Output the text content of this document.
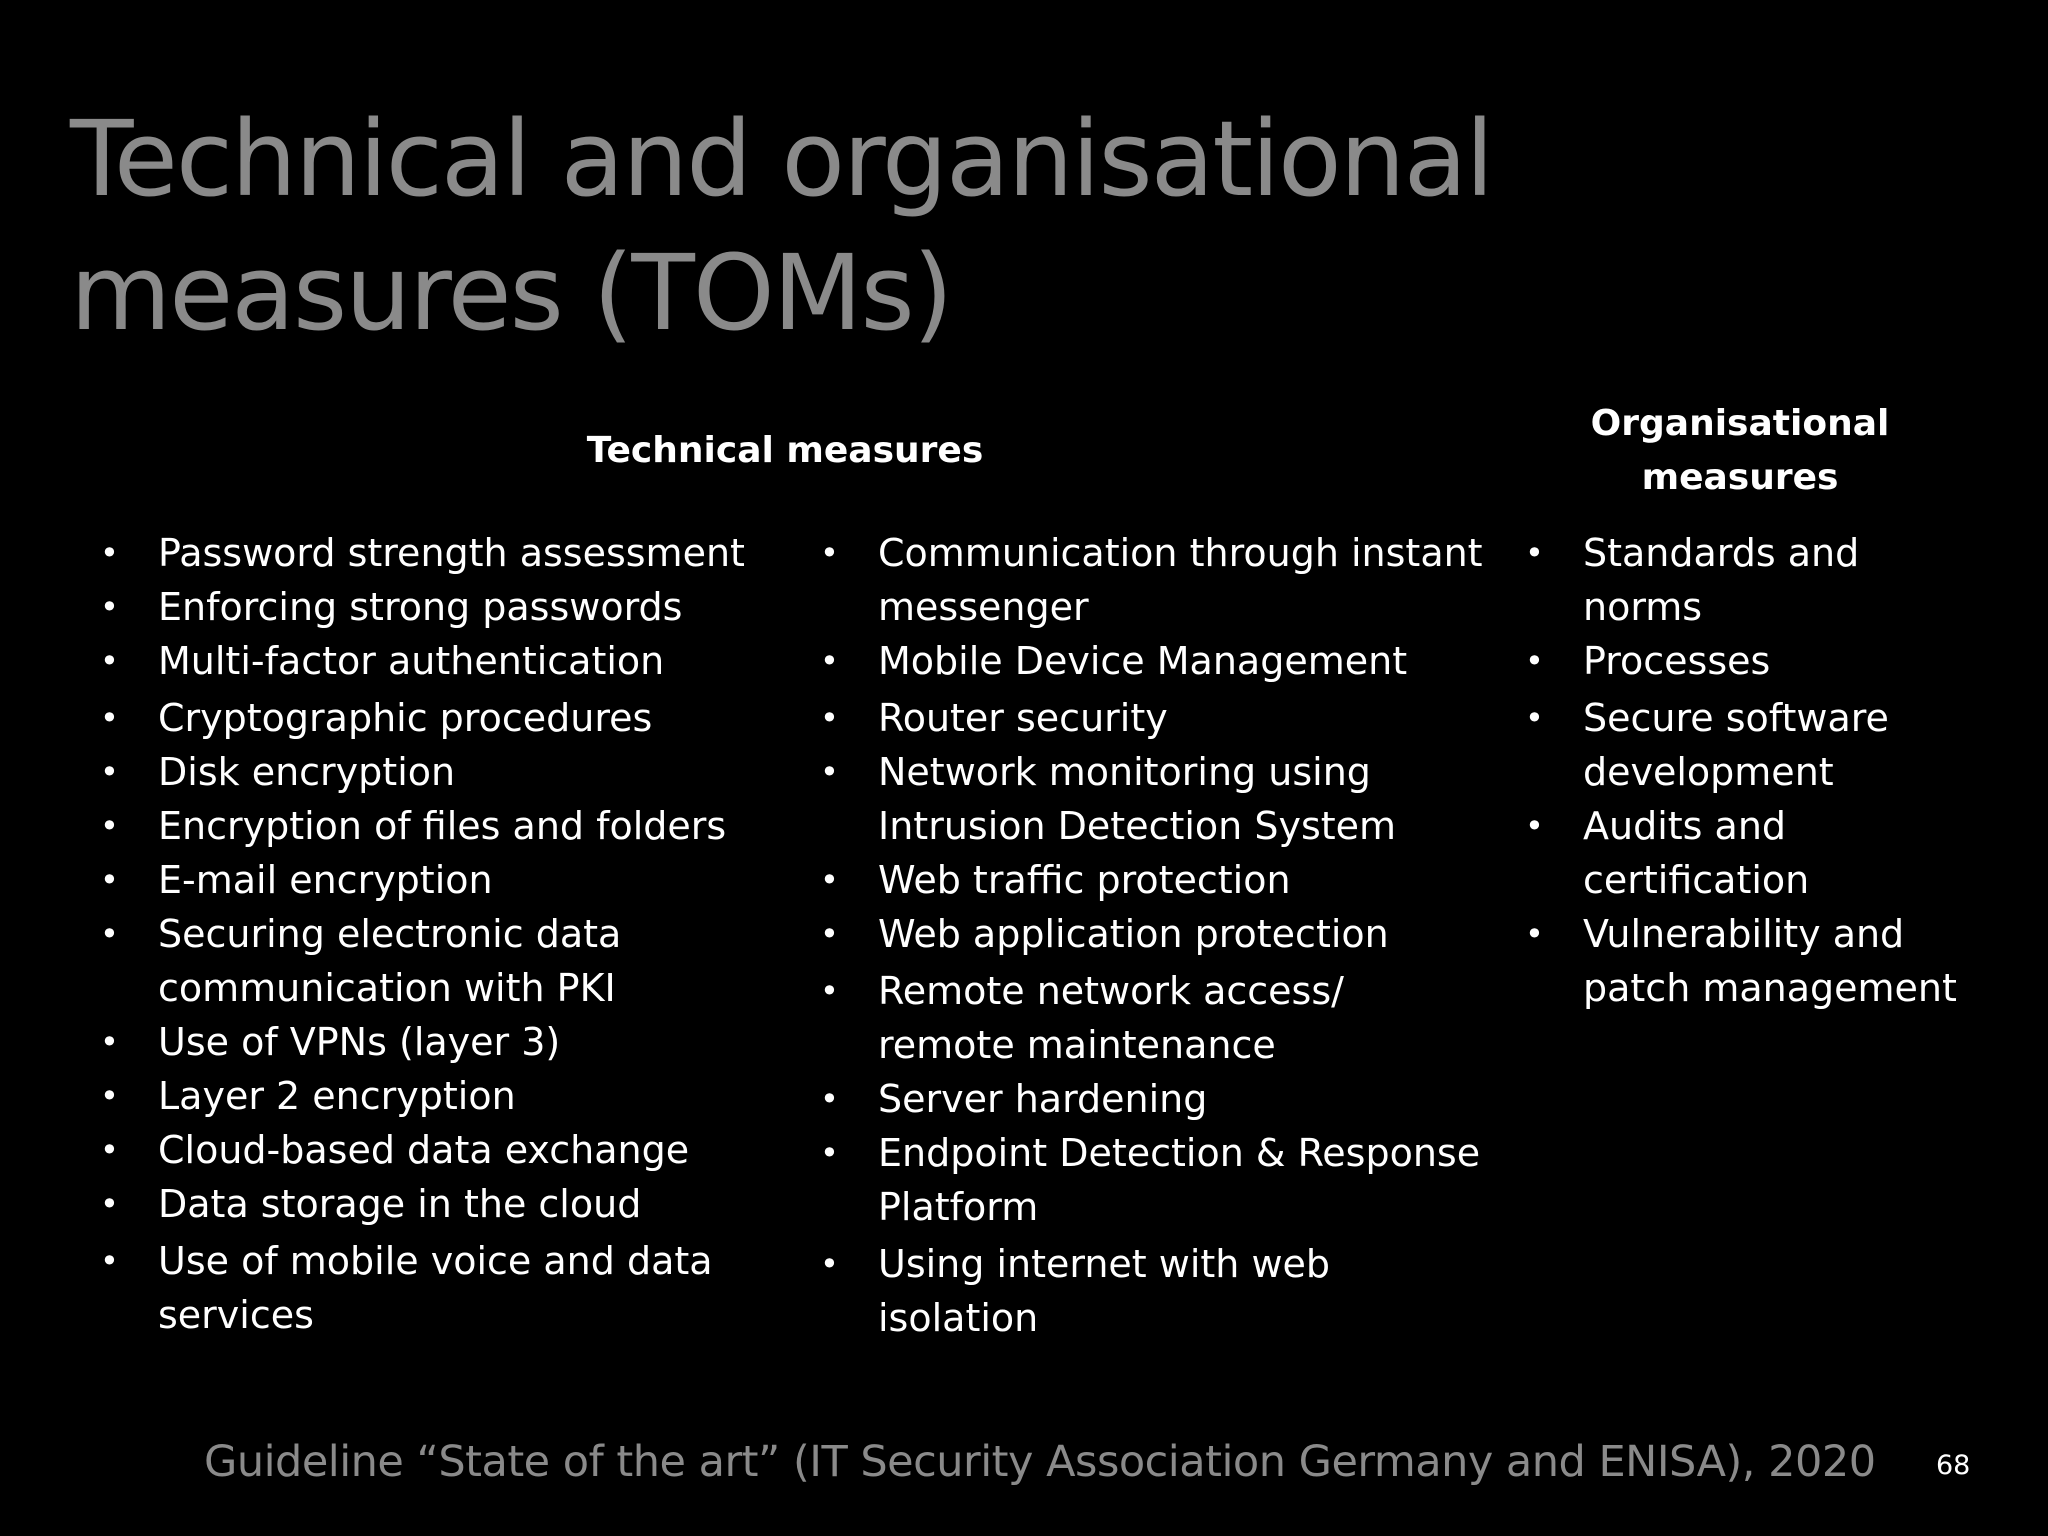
Technical and organisational
measures (TOMs)
Technical measures
Organisational measures
• Password strength assessment
• Enforcing strong passwords
• Multi-factor authentication
• Cryptographic procedures
• Disk encryption
• Encryption of files and folders
• E-mail encryption
• Securing electronic data communication with PKI
• Use of VPNs (layer 3)
• Layer 2 encryption
• Cloud-based data exchange
• Data storage in the cloud
• Use of mobile voice and data services
• Communication through instant messenger
• Mobile Device Management
• Router security
• Network monitoring using Intrusion Detection System
• Web traffic protection
• Web application protection
• Remote network access/ remote maintenance
• Server hardening
• Endpoint Detection & Response Platform
• Using internet with web isolation
• Standards and norms
• Processes
• Secure software development
• Audits and certification
• Vulnerability and patch management
Guideline “State of the art” (IT Security Association Germany and ENISA), 2020 68
